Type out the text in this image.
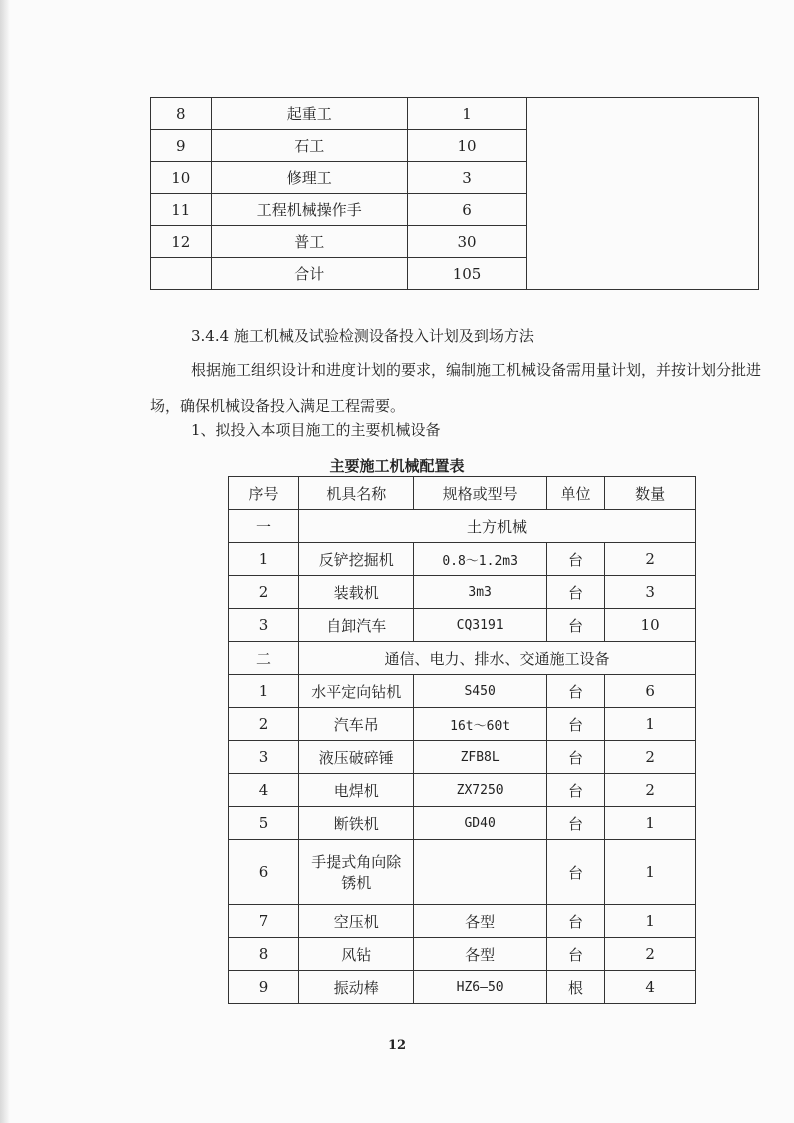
8	起重工	1	
9	石工	10	
10	修理工	3	
11	工程机械操作手	6	
12	普工	30	
	合计	105	
3.4.4 施工机械及试验检测设备投入计划及到场方法
根据施工组织设计和进度计划的要求，编制施工机械设备需用量计划，并按计划分批进场，确保机械设备投入满足工程需要。
1、拟投入本项目施工的主要机械设备
主要施工机械配置表
序号	机具名称	规格或型号	单位	数量
一	土方机械			
1	反铲挖掘机	0.8～1.2m3	台	2
2	装载机	3m3	台	3
3	自卸汽车	CQ3191	台	10
二	通信、电力、排水、交通施工设备			
1	水平定向钻机	S450	台	6
2	汽车吊	16t～60t	台	1
3	液压破碎锤	ZFB8L	台	2
4	电焊机	ZX7250	台	2
5	断铁机	GD40	台	1
6	手提式角向除
锈机		台	1
7	空压机	各型	台	1
8	风钻	各型	台	2
9	振动棒	HZ6—50	根	4
12
